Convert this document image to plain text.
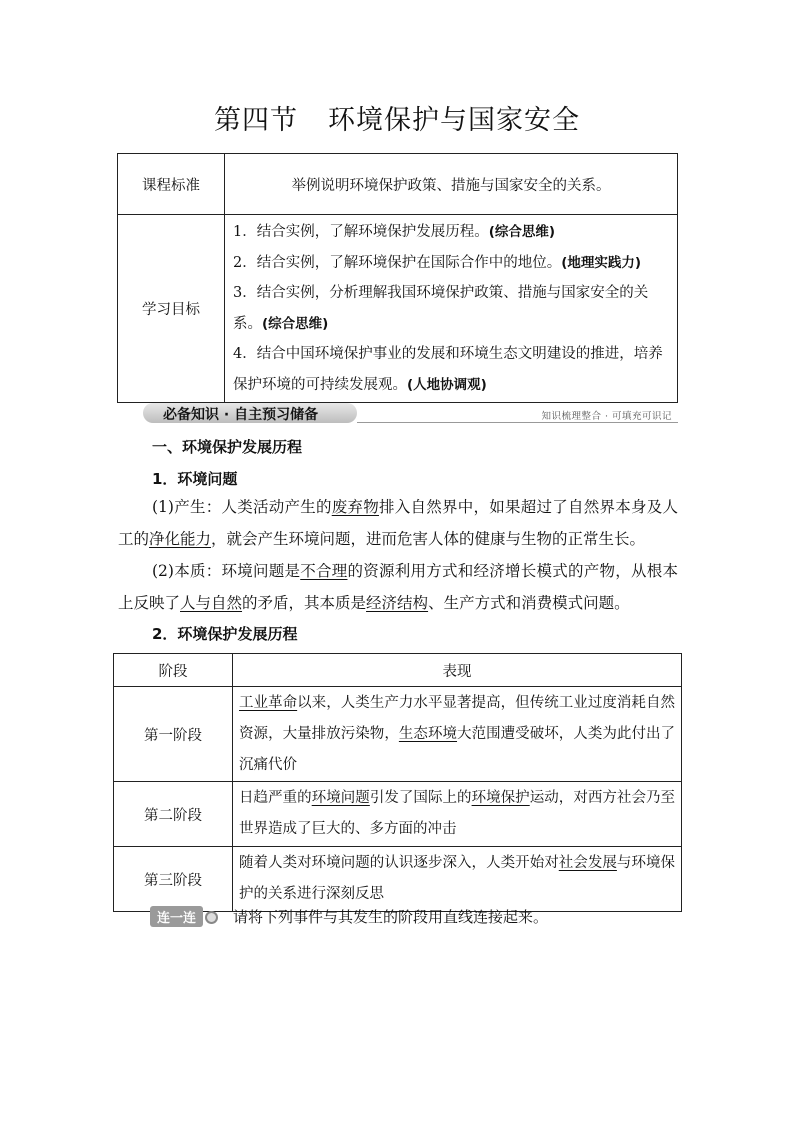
第四节 环境保护与国家安全
课程标准	举例说明环境保护政策、措施与国家安全的关系。
学习目标	1．结合实例，了解环境保护发展历程。(综合思维)
2．结合实例，了解环境保护在国际合作中的地位。(地理实践力)
3．结合实例，分析理解我国环境保护政策、措施与国家安全的关系。(综合思维)
4．结合中国环境保护事业的发展和环境生态文明建设的推进，培养保护环境的可持续发展观。(人地协调观)
必备知识 · 自主预习储备	知识梳理整合 · 可填充可识记
一、环境保护发展历程
1．环境问题
(1)产生：人类活动产生的废弃物排入自然界中，如果超过了自然界本身及人工的净化能力，就会产生环境问题，进而危害人体的健康与生物的正常生长。
(2)本质：环境问题是不合理的资源利用方式和经济增长模式的产物，从根本上反映了人与自然的矛盾，其本质是经济结构、生产方式和消费模式问题。
2．环境保护发展历程
阶段	表现
第一阶段	工业革命以来，人类生产力水平显著提高，但传统工业过度消耗自然资源，大量排放污染物，生态环境大范围遭受破坏，人类为此付出了沉痛代价
第二阶段	日趋严重的环境问题引发了国际上的环境保护运动，对西方社会乃至世界造成了巨大的、多方面的冲击
第三阶段	随着人类对环境问题的认识逐步深入，人类开始对社会发展与环境保护的关系进行深刻反思
连一连 请将下列事件与其发生的阶段用直线连接起来。
